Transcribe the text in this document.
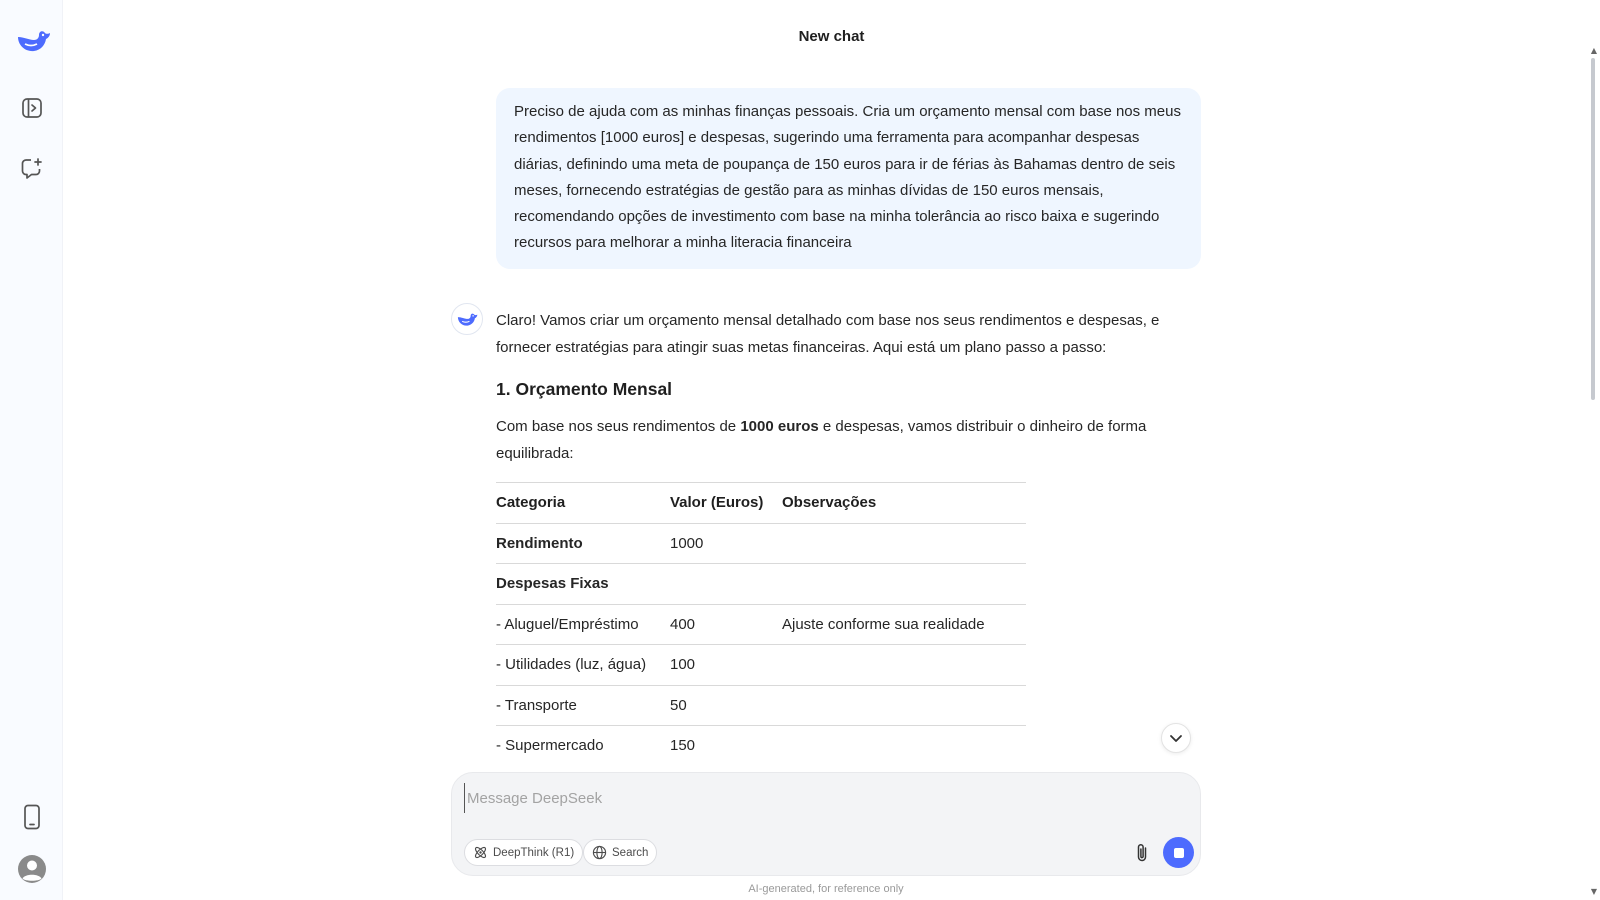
New chat
Preciso de ajuda com as minhas finanças pessoais. Cria um orçamento mensal com base nos meus rendimentos [1000 euros] e despesas, sugerindo uma ferramenta para acompanhar despesas diárias, definindo uma meta de poupança de 150 euros para ir de férias às Bahamas dentro de seis meses, fornecendo estratégias de gestão para as minhas dívidas de 150 euros mensais, recomendando opções de investimento com base na minha tolerância ao risco baixa e sugerindo recursos para melhorar a minha literacia financeira

Claro! Vamos criar um orçamento mensal detalhado com base nos seus rendimentos e despesas, e fornecer estratégias para atingir suas metas financeiras. Aqui está um plano passo a passo:

1. Orçamento Mensal

Com base nos seus rendimentos de 1000 euros e despesas, vamos distribuir o dinheiro de forma equilibrada:

Categoria	Valor (Euros)	Observações
Rendimento	1000	
Despesas Fixas		
- Aluguel/Empréstimo	400	Ajuste conforme sua realidade
- Utilidades (luz, água)	100	
- Transporte	50	
- Supermercado	150	
Message DeepSeek
DeepThink (R1)	Search
AI-generated, for reference only
▲
▼
